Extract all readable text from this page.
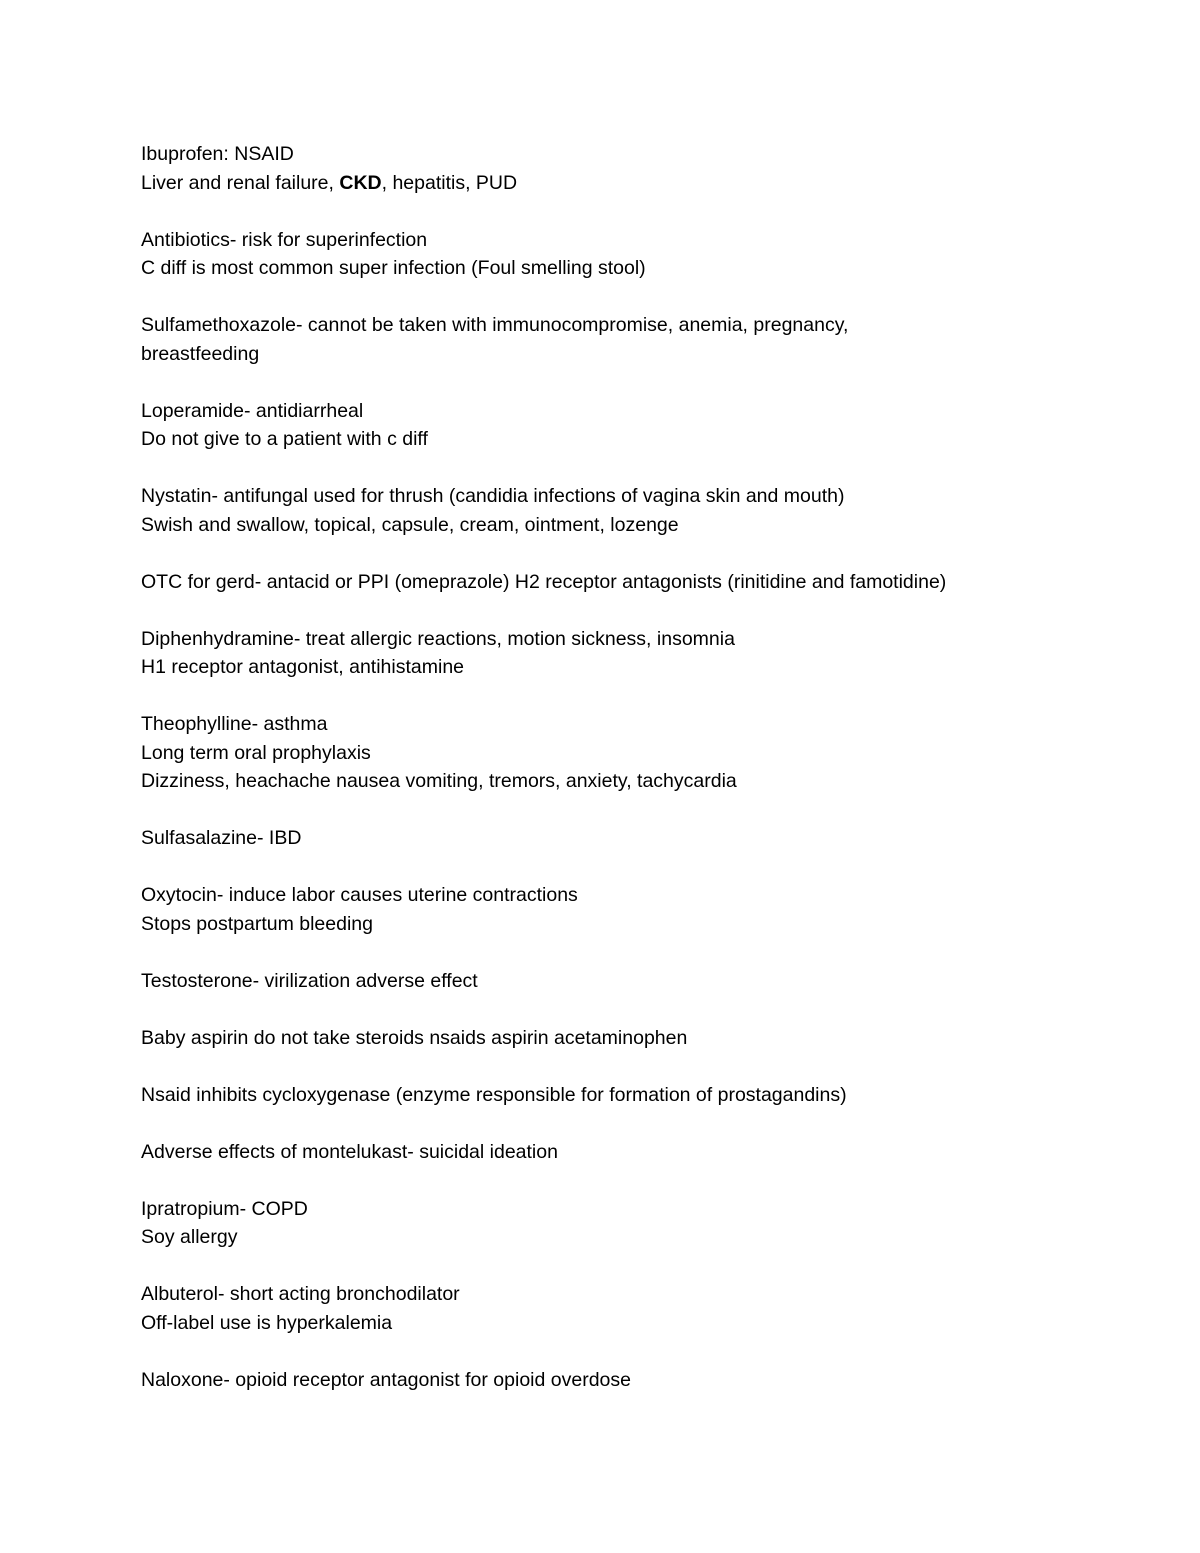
Ibuprofen: NSAID
Liver and renal failure, CKD, hepatitis, PUD
Antibiotics- risk for superinfection
C diff is most common super infection (Foul smelling stool)
Sulfamethoxazole- cannot be taken with immunocompromise, anemia, pregnancy,
breastfeeding
Loperamide- antidiarrheal
Do not give to a patient with c diff
Nystatin- antifungal used for thrush (candidia infections of vagina skin and mouth)
Swish and swallow, topical, capsule, cream, ointment, lozenge
OTC for gerd- antacid or PPI (omeprazole) H2 receptor antagonists (rinitidine and famotidine)
Diphenhydramine- treat allergic reactions, motion sickness, insomnia
H1 receptor antagonist, antihistamine
Theophylline- asthma
Long term oral prophylaxis
Dizziness, heachache nausea vomiting, tremors, anxiety, tachycardia
Sulfasalazine- IBD
Oxytocin- induce labor causes uterine contractions
Stops postpartum bleeding
Testosterone- virilization adverse effect
Baby aspirin do not take steroids nsaids aspirin acetaminophen
Nsaid inhibits cycloxygenase (enzyme responsible for formation of prostagandins)
Adverse effects of montelukast- suicidal ideation
Ipratropium- COPD
Soy allergy
Albuterol- short acting bronchodilator
Off-label use is hyperkalemia
Naloxone- opioid receptor antagonist for opioid overdose
